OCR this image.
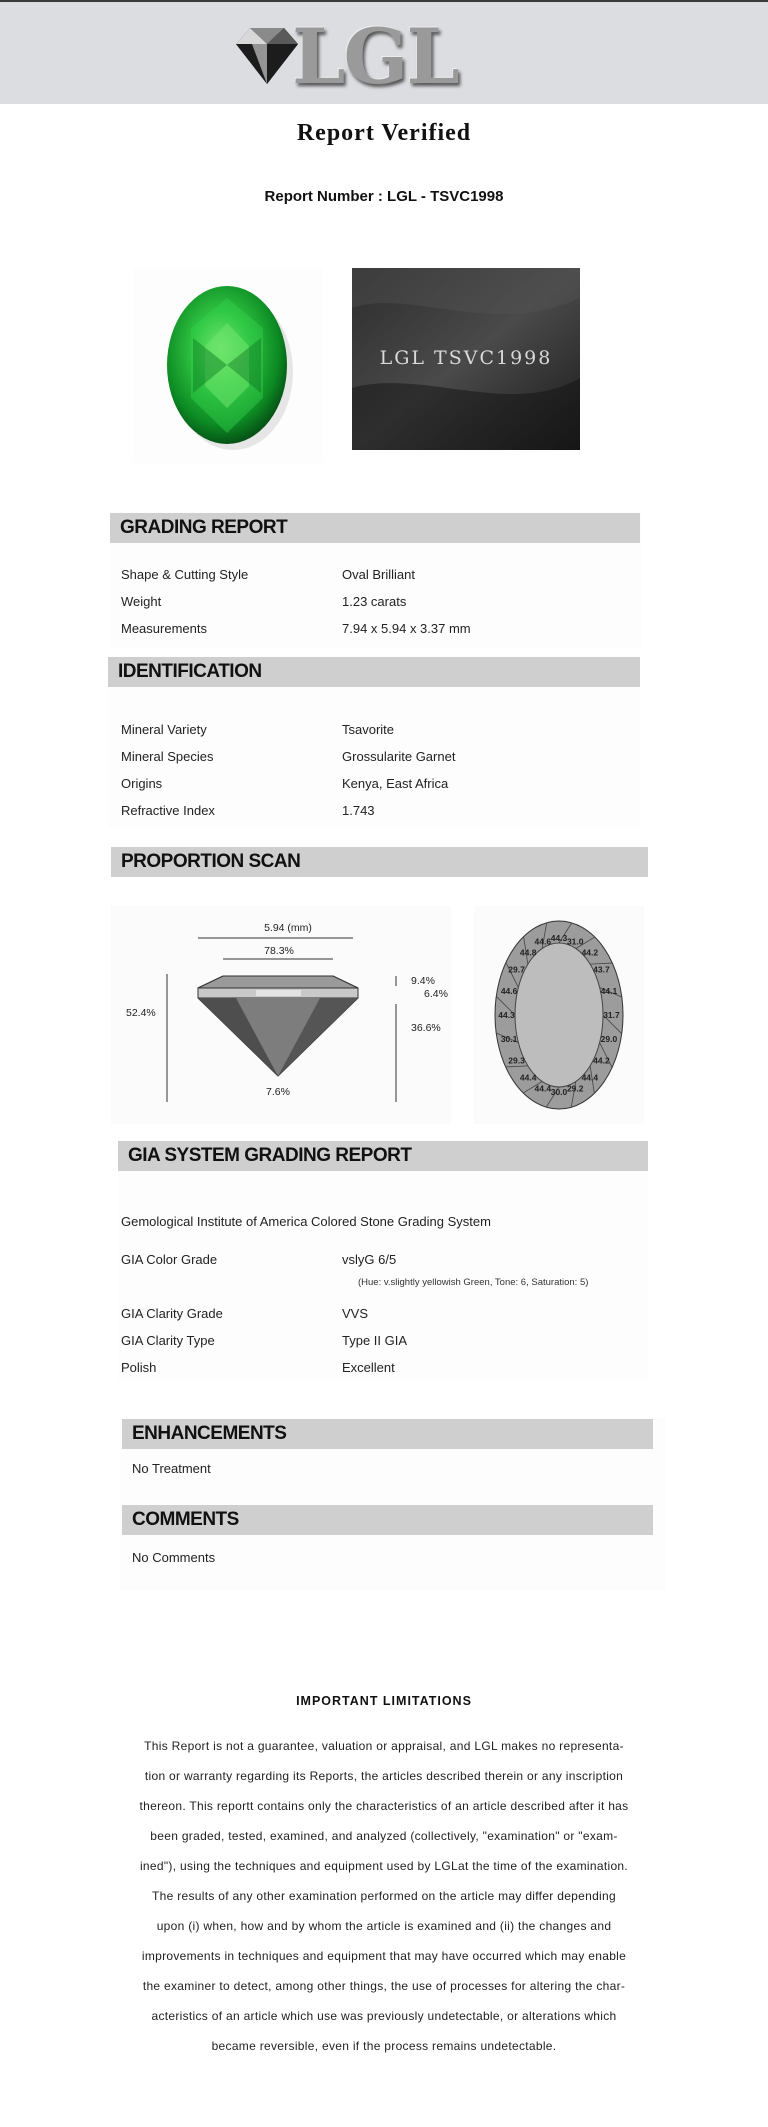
LGL
Report Verified
Report Number : LGL - TSVC1998
LGL TSVC1998
GRADING REPORT
Shape & Cutting Style	Oval Brilliant
Weight	1.23 carats
Measurements	7.94 x 5.94 x 3.37 mm
IDENTIFICATION
Mineral Variety	Tsavorite
Mineral Species	Grossularite Garnet
Origins	Kenya, East Africa
Refractive Index	1.743
PROPORTION SCAN
5.94 (mm)
78.3%
52.4%
9.4%
6.4%
36.6%
7.6%
44.3 31.0
44.2
43.7
44.1
31.7
29.0
44.2
44.4
29.2
30.0
44.4
44.4
29.3
30.1
44.3
44.6
29.7
44.8
44.6
GIA SYSTEM GRADING REPORT
Gemological Institute of America Colored Stone Grading System
GIA Color Grade	vslyG 6/5
(Hue: v.slightly yellowish Green, Tone: 6, Saturation: 5)
GIA Clarity Grade	VVS
GIA Clarity Type	Type II GIA
Polish	Excellent
ENHANCEMENTS
No Treatment
COMMENTS
No Comments
IMPORTANT LIMITATIONS
This Report is not a guarantee, valuation or appraisal, and LGL makes no representa-
tion or warranty regarding its Reports, the articles described therein or any inscription
thereon. This reportt contains only the characteristics of an article described after it has
been graded, tested, examined, and analyzed (collectively, "examination" or "exam-
ined"), using the techniques and equipment used by LGLat the time of the examination.
The results of any other examination performed on the article may differ depending
upon (i) when, how and by whom the article is examined and (ii) the changes and
improvements in techniques and equipment that may have occurred which may enable
the examiner to detect, among other things, the use of processes for altering the char-
acteristics of an article which use was previously undetectable, or alterations which
became reversible, even if the process remains undetectable.
